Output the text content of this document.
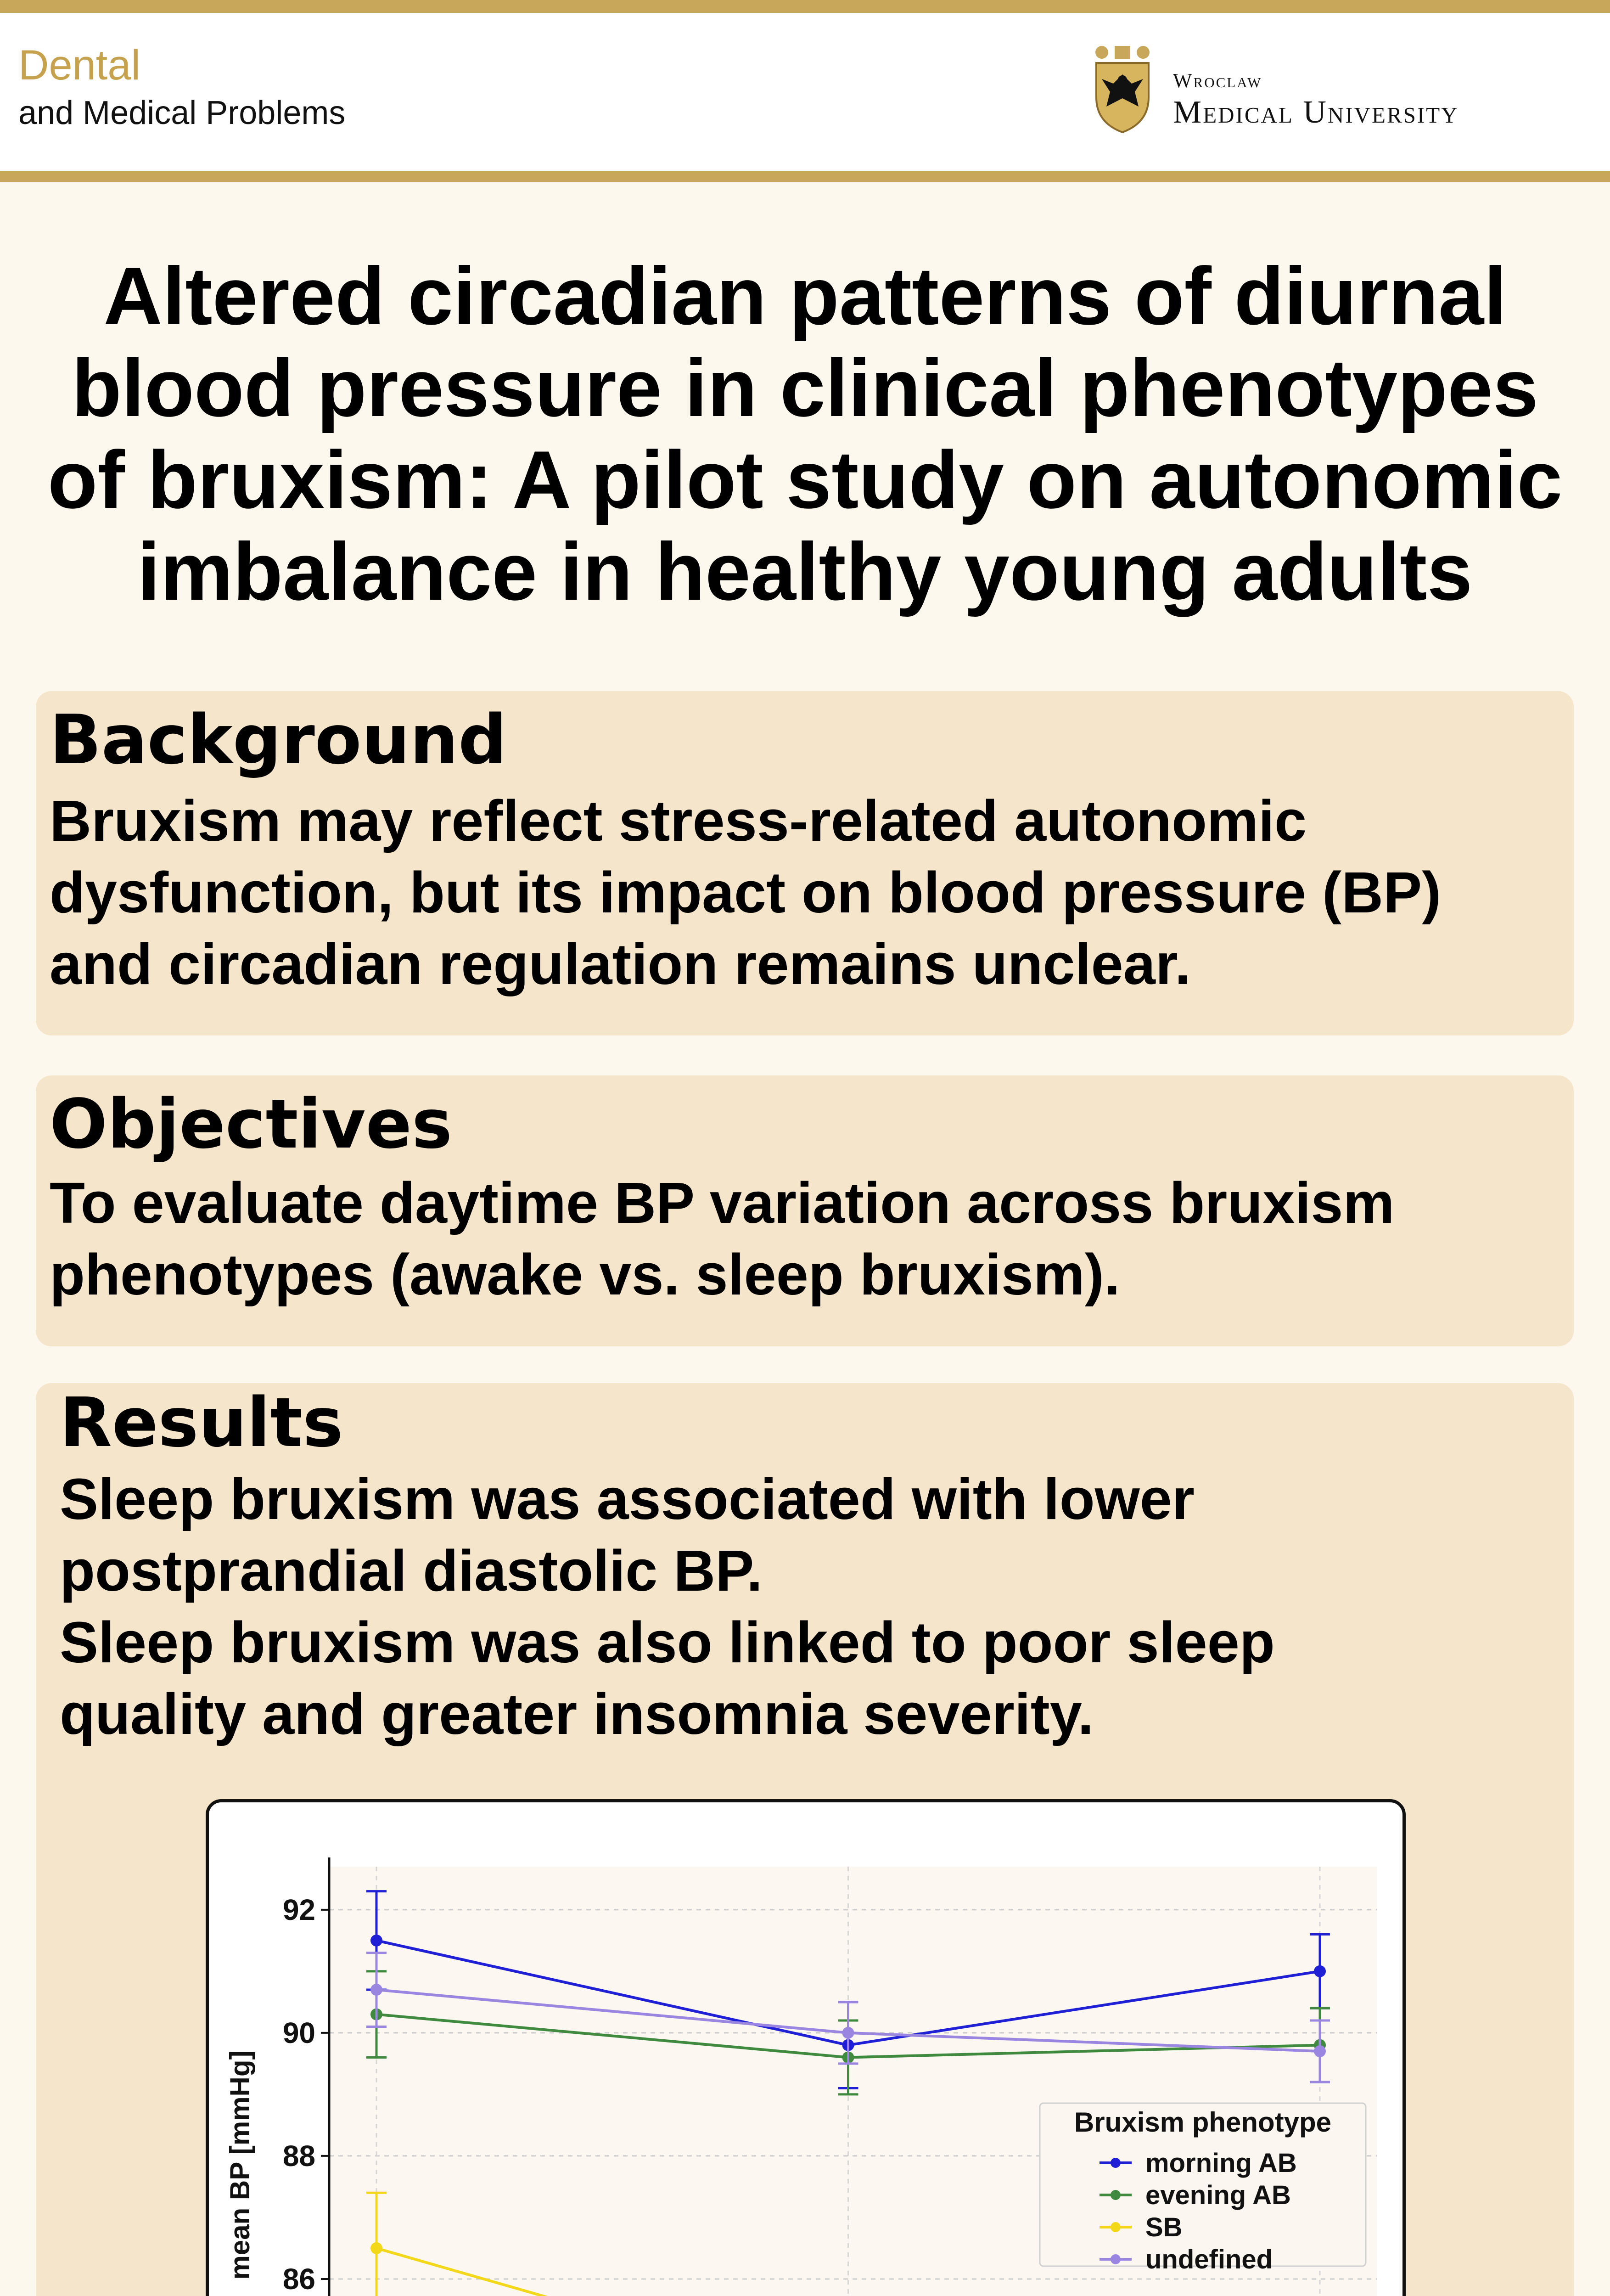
Dental
and Medical Problems
Wroclaw
Medical University
Altered circadian patterns of diurnal
blood pressure in clinical phenotypes
of bruxism: A pilot study on autonomic
imbalance in healthy young adults
Background
Bruxism may reflect stress-related autonomic
dysfunction, but its impact on blood pressure (BP)
and circadian regulation remains unclear.
Objectives
To evaluate daytime BP variation across bruxism
phenotypes (awake vs. sleep bruxism).
Results
Sleep bruxism was associated with lower
postprandial diastolic BP.
Sleep bruxism was also linked to poor sleep
quality and greater insomnia severity.
86
88
90
92
mean BP [mmHg]	Bruxism phenotype
morning AB
evening AB
SB
undefined
